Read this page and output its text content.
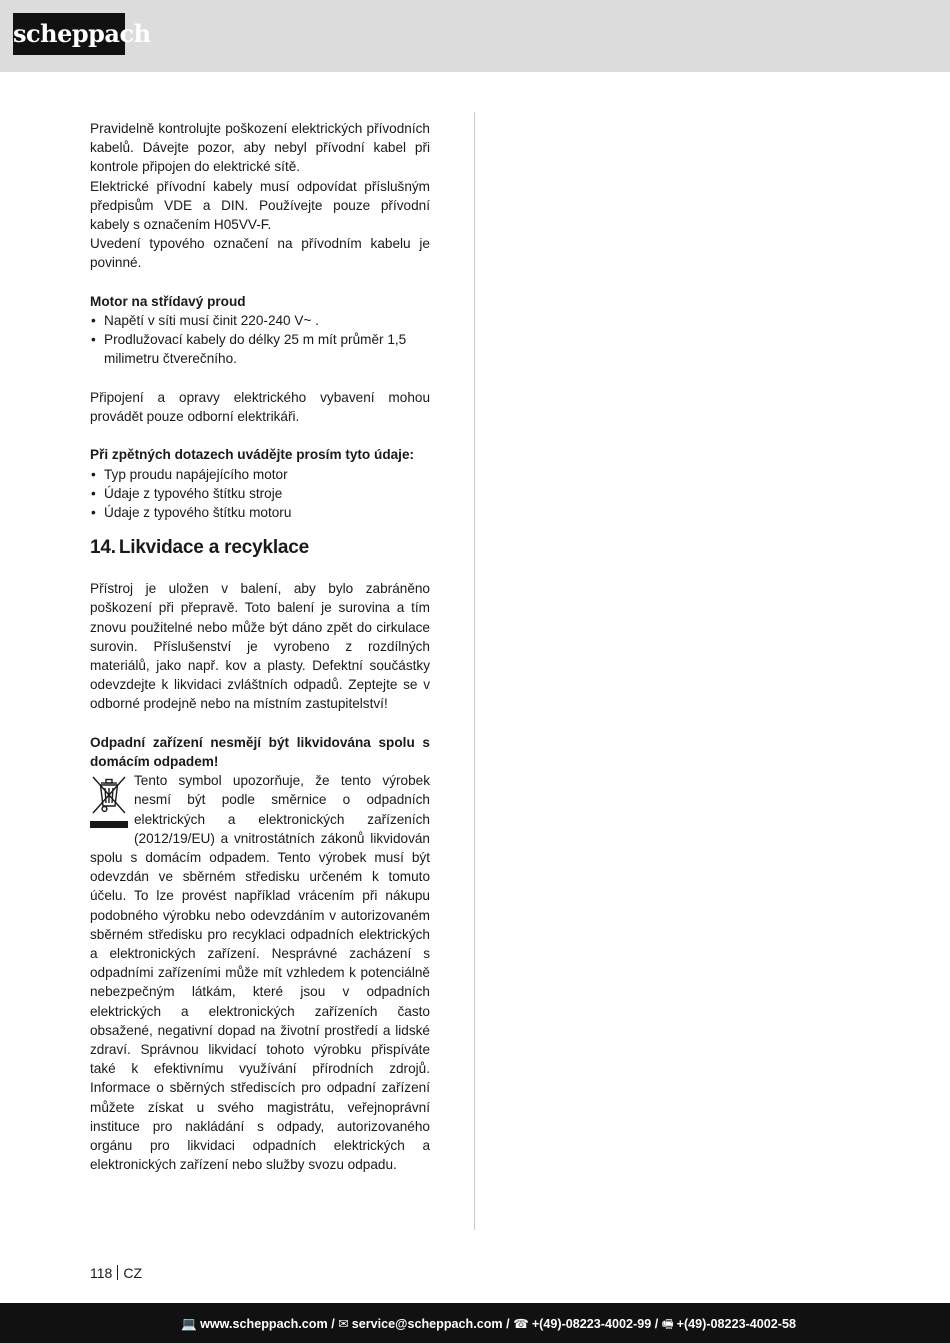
scheppach

Pravidelně kontrolujte poškození elektrických přívodních kabelů. Dávejte pozor, aby nebyl přívodní kabel při kontrole připojen do elektrické sítě.

Elektrické přívodní kabely musí odpovídat příslušným předpisům VDE a DIN. Používejte pouze přívodní kabely s označením H05VV-F.

Uvedení typového označení na přívodním kabelu je povinné.

Motor na střídavý proud

• Napětí v síti musí činit 220-240 V~ .
• Prodlužovací kabely do délky 25 m mít průměr 1,5 milimetru čtverečního.

Připojení a opravy elektrického vybavení mohou provádět pouze odborní elektrikáři.

Při zpětných dotazech uvádějte prosím tyto údaje:

• Typ proudu napájejícího motor
• Údaje z typového štítku stroje
• Údaje z typového štítku motoru
14. Likvidace a recyklace

Přístroj je uložen v balení, aby bylo zabráněno poškození při přepravě. Toto balení je surovina a tím znovu použitelné nebo může být dáno zpět do cirkulace surovin. Příslušenství je vyrobeno z rozdílných materiálů, jako např. kov a plasty. Defektní součástky odevzdejte k likvidaci zvláštních odpadů. Zeptejte se v odborné prodejně nebo na místním zastupitelství!

Odpadní zařízení nesmějí být likvidována spolu s domácím odpadem!

Tento symbol upozorňuje, že tento výrobek nesmí být podle směrnice o odpadních elektrických a elektronických zařízeních (2012/19/EU) a vnitrostátních zákonů likvidován spolu s domácím odpadem. Tento výrobek musí být odevzdán ve sběrném středisku určeném k tomuto účelu. To lze provést například vrácením při nákupu podobného výrobku nebo odevzdáním v autorizovaném sběrném středisku pro recyklaci odpadních elektrických a elektronických zařízení. Nesprávné zacházení s odpadními zařízeními může mít vzhledem k potenciálně nebezpečným látkám, které jsou v odpadních elektrických a elektronických zařízeních často obsažené, negativní dopad na životní prostředí a lidské zdraví. Správnou likvidací tohoto výrobku přispíváte také k efektivnímu využívání přírodních zdrojů. Informace o sběrných střediscích pro odpadní zařízení můžete získat u svého magistrátu, veřejnoprávní instituce pro nakládání s odpady, autorizovaného orgánu pro likvidaci odpadních elektrických a elektronických zařízení nebo služby svozu odpadu.

118 CZ
💻 www.scheppach.com / ✉ service@scheppach.com / ☎ +(49)-08223-4002-99 / 🖷 +(49)-08223-4002-58
